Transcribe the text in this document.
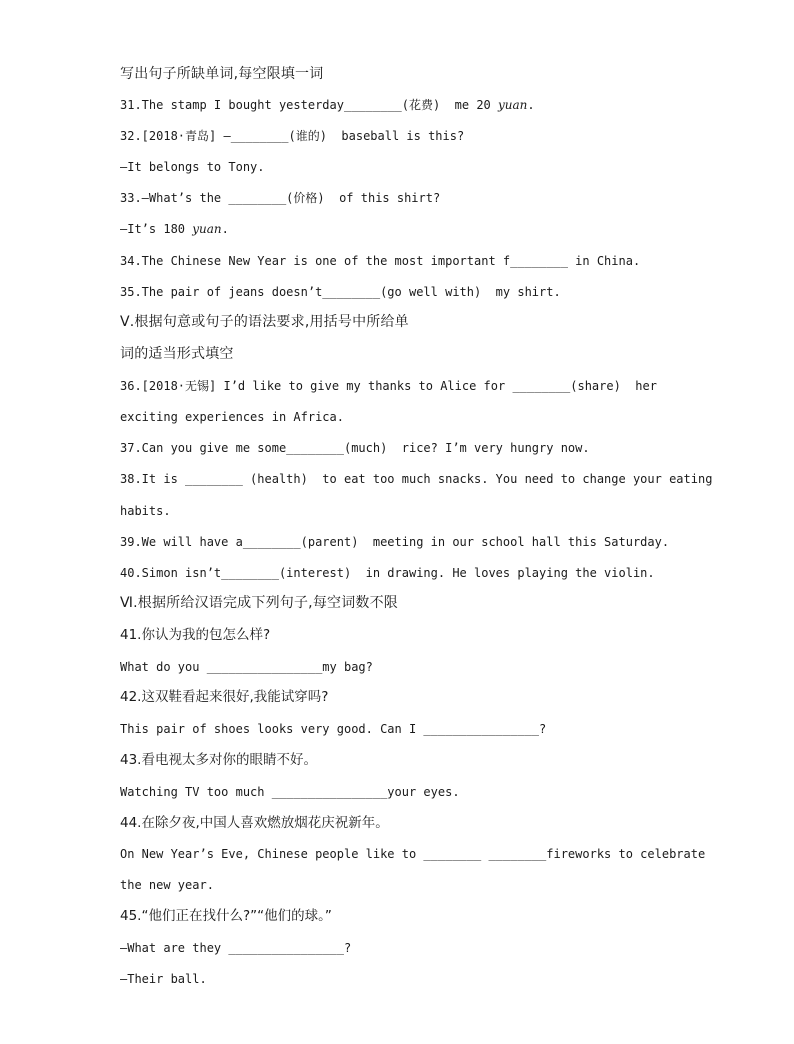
写出句子所缺单词,每空限填一词
31.The stamp I bought yesterday________(花费)  me 20 yuan.
32.[2018·青岛] —________(谁的)  baseball is this?
—It belongs to Tony.
33.—What’s the ________(价格)  of this shirt?
—It’s 180 yuan.
34.The Chinese New Year is one of the most important f________ in China.
35.The pair of jeans doesn’t________(go well with)  my shirt.
Ⅴ.根据句意或句子的语法要求,用括号中所给单
词的适当形式填空
36.[2018·无锡] I’d like to give my thanks to Alice for ________(share)  her
exciting experiences in Africa.
37.Can you give me some________(much)  rice? I’m very hungry now.
38.It is ________ (health)  to eat too much snacks. You need to change your eating
habits.
39.We will have a________(parent)  meeting in our school hall this Saturday.
40.Simon isn’t________(interest)  in drawing. He loves playing the violin.
Ⅵ.根据所给汉语完成下列句子,每空词数不限
41.你认为我的包怎么样?
What do you ________________my bag?
42.这双鞋看起来很好,我能试穿吗?
This pair of shoes looks very good. Can I ________________?
43.看电视太多对你的眼睛不好。
Watching TV too much ________________your eyes.
44.在除夕夜,中国人喜欢燃放烟花庆祝新年。
On New Year’s Eve, Chinese people like to ________ ________fireworks to celebrate
the new year.
45.“他们正在找什么?”“他们的球。”
—What are they ________________?
—Their ball.
